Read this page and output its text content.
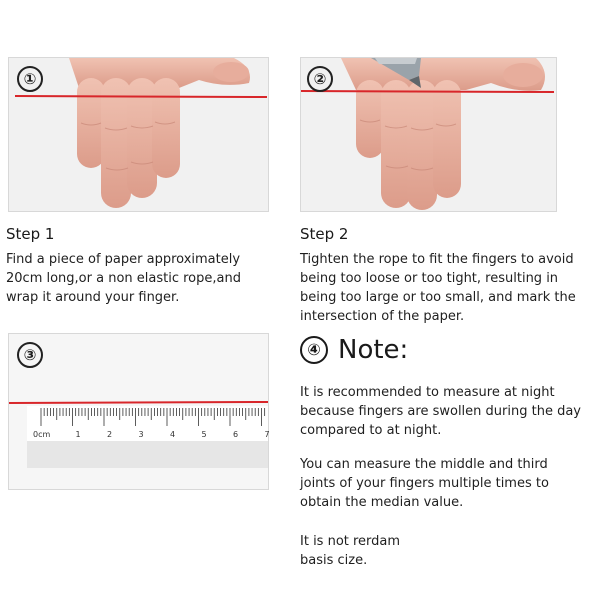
①	②
Step 1
Find a piece of paper approximately 20cm long,or a non elastic rope,and wrap it around your finger.
Step 2
Tighten the rope to fit the fingers to avoid being too loose or too tight, resulting in being too large or too small, and mark the intersection of the paper.
0cm	1	2	3	4	5	6	7
③	④ Note:
It is recommended to measure at night because fingers are swollen during the day compared to at night.
You can measure the middle and third joints of your fingers multiple times to obtain the median value.
It is not rerdam
basis cize.
